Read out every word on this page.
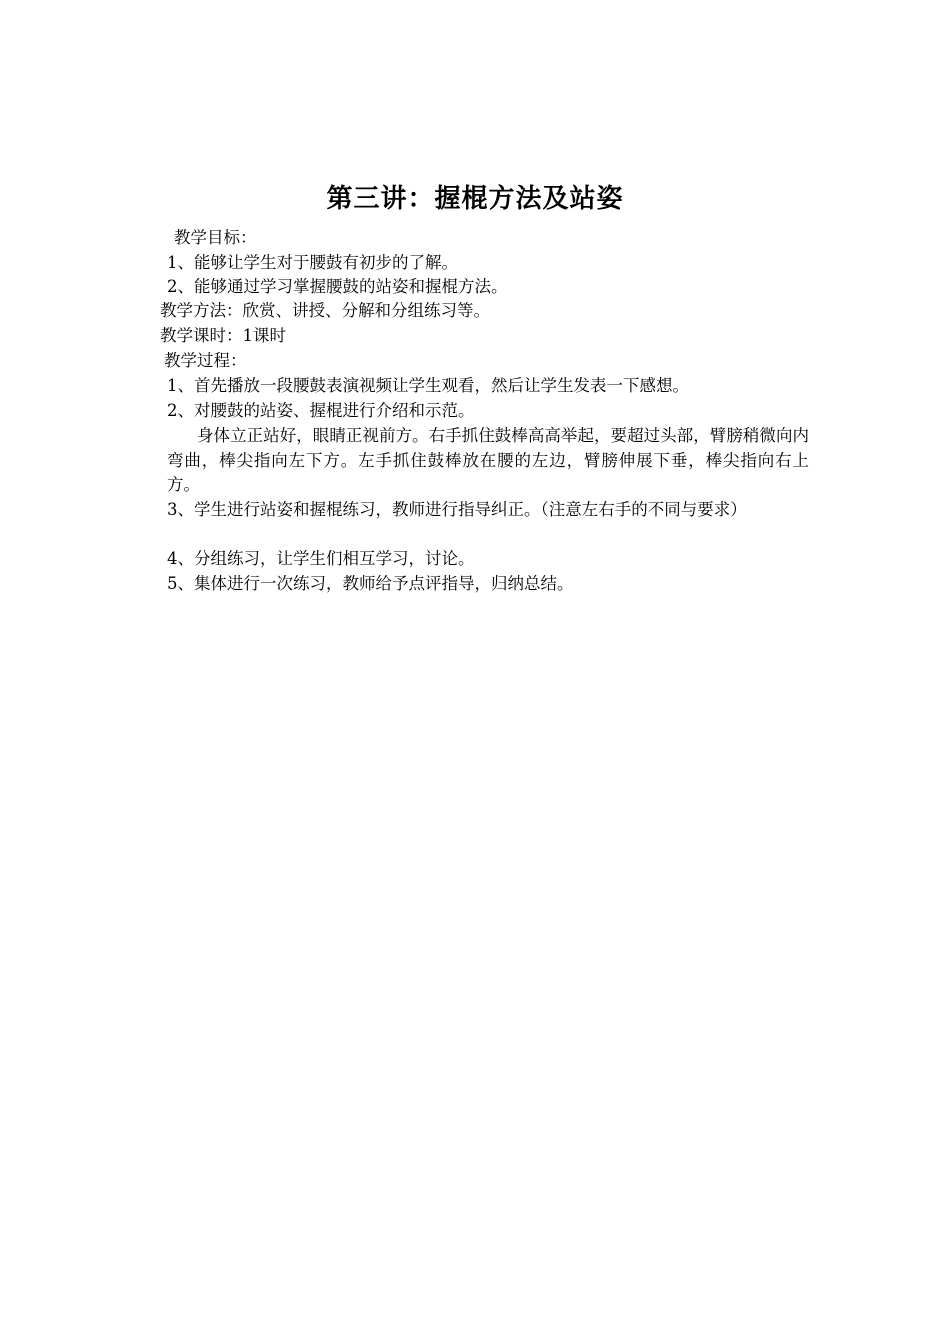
第三讲：握棍方法及站姿
教学目标：
1、能够让学生对于腰鼓有初步的了解。
2、能够通过学习掌握腰鼓的站姿和握棍方法。
教学方法：欣赏、讲授、分解和分组练习等。
教学课时：1课时
教学过程：
1、首先播放一段腰鼓表演视频让学生观看，然后让学生发表一下感想。
2、对腰鼓的站姿、握棍进行介绍和示范。
身体立正站好，眼睛正视前方。右手抓住鼓棒高高举起，要超过头部，臂膀稍微向内弯曲，棒尖指向左下方。左手抓住鼓棒放在腰的左边，臂膀伸展下垂，棒尖指向右上方。
3、学生进行站姿和握棍练习，教师进行指导纠正。（注意左右手的不同与要求）
4、分组练习，让学生们相互学习，讨论。
5、集体进行一次练习，教师给予点评指导，归纳总结。
